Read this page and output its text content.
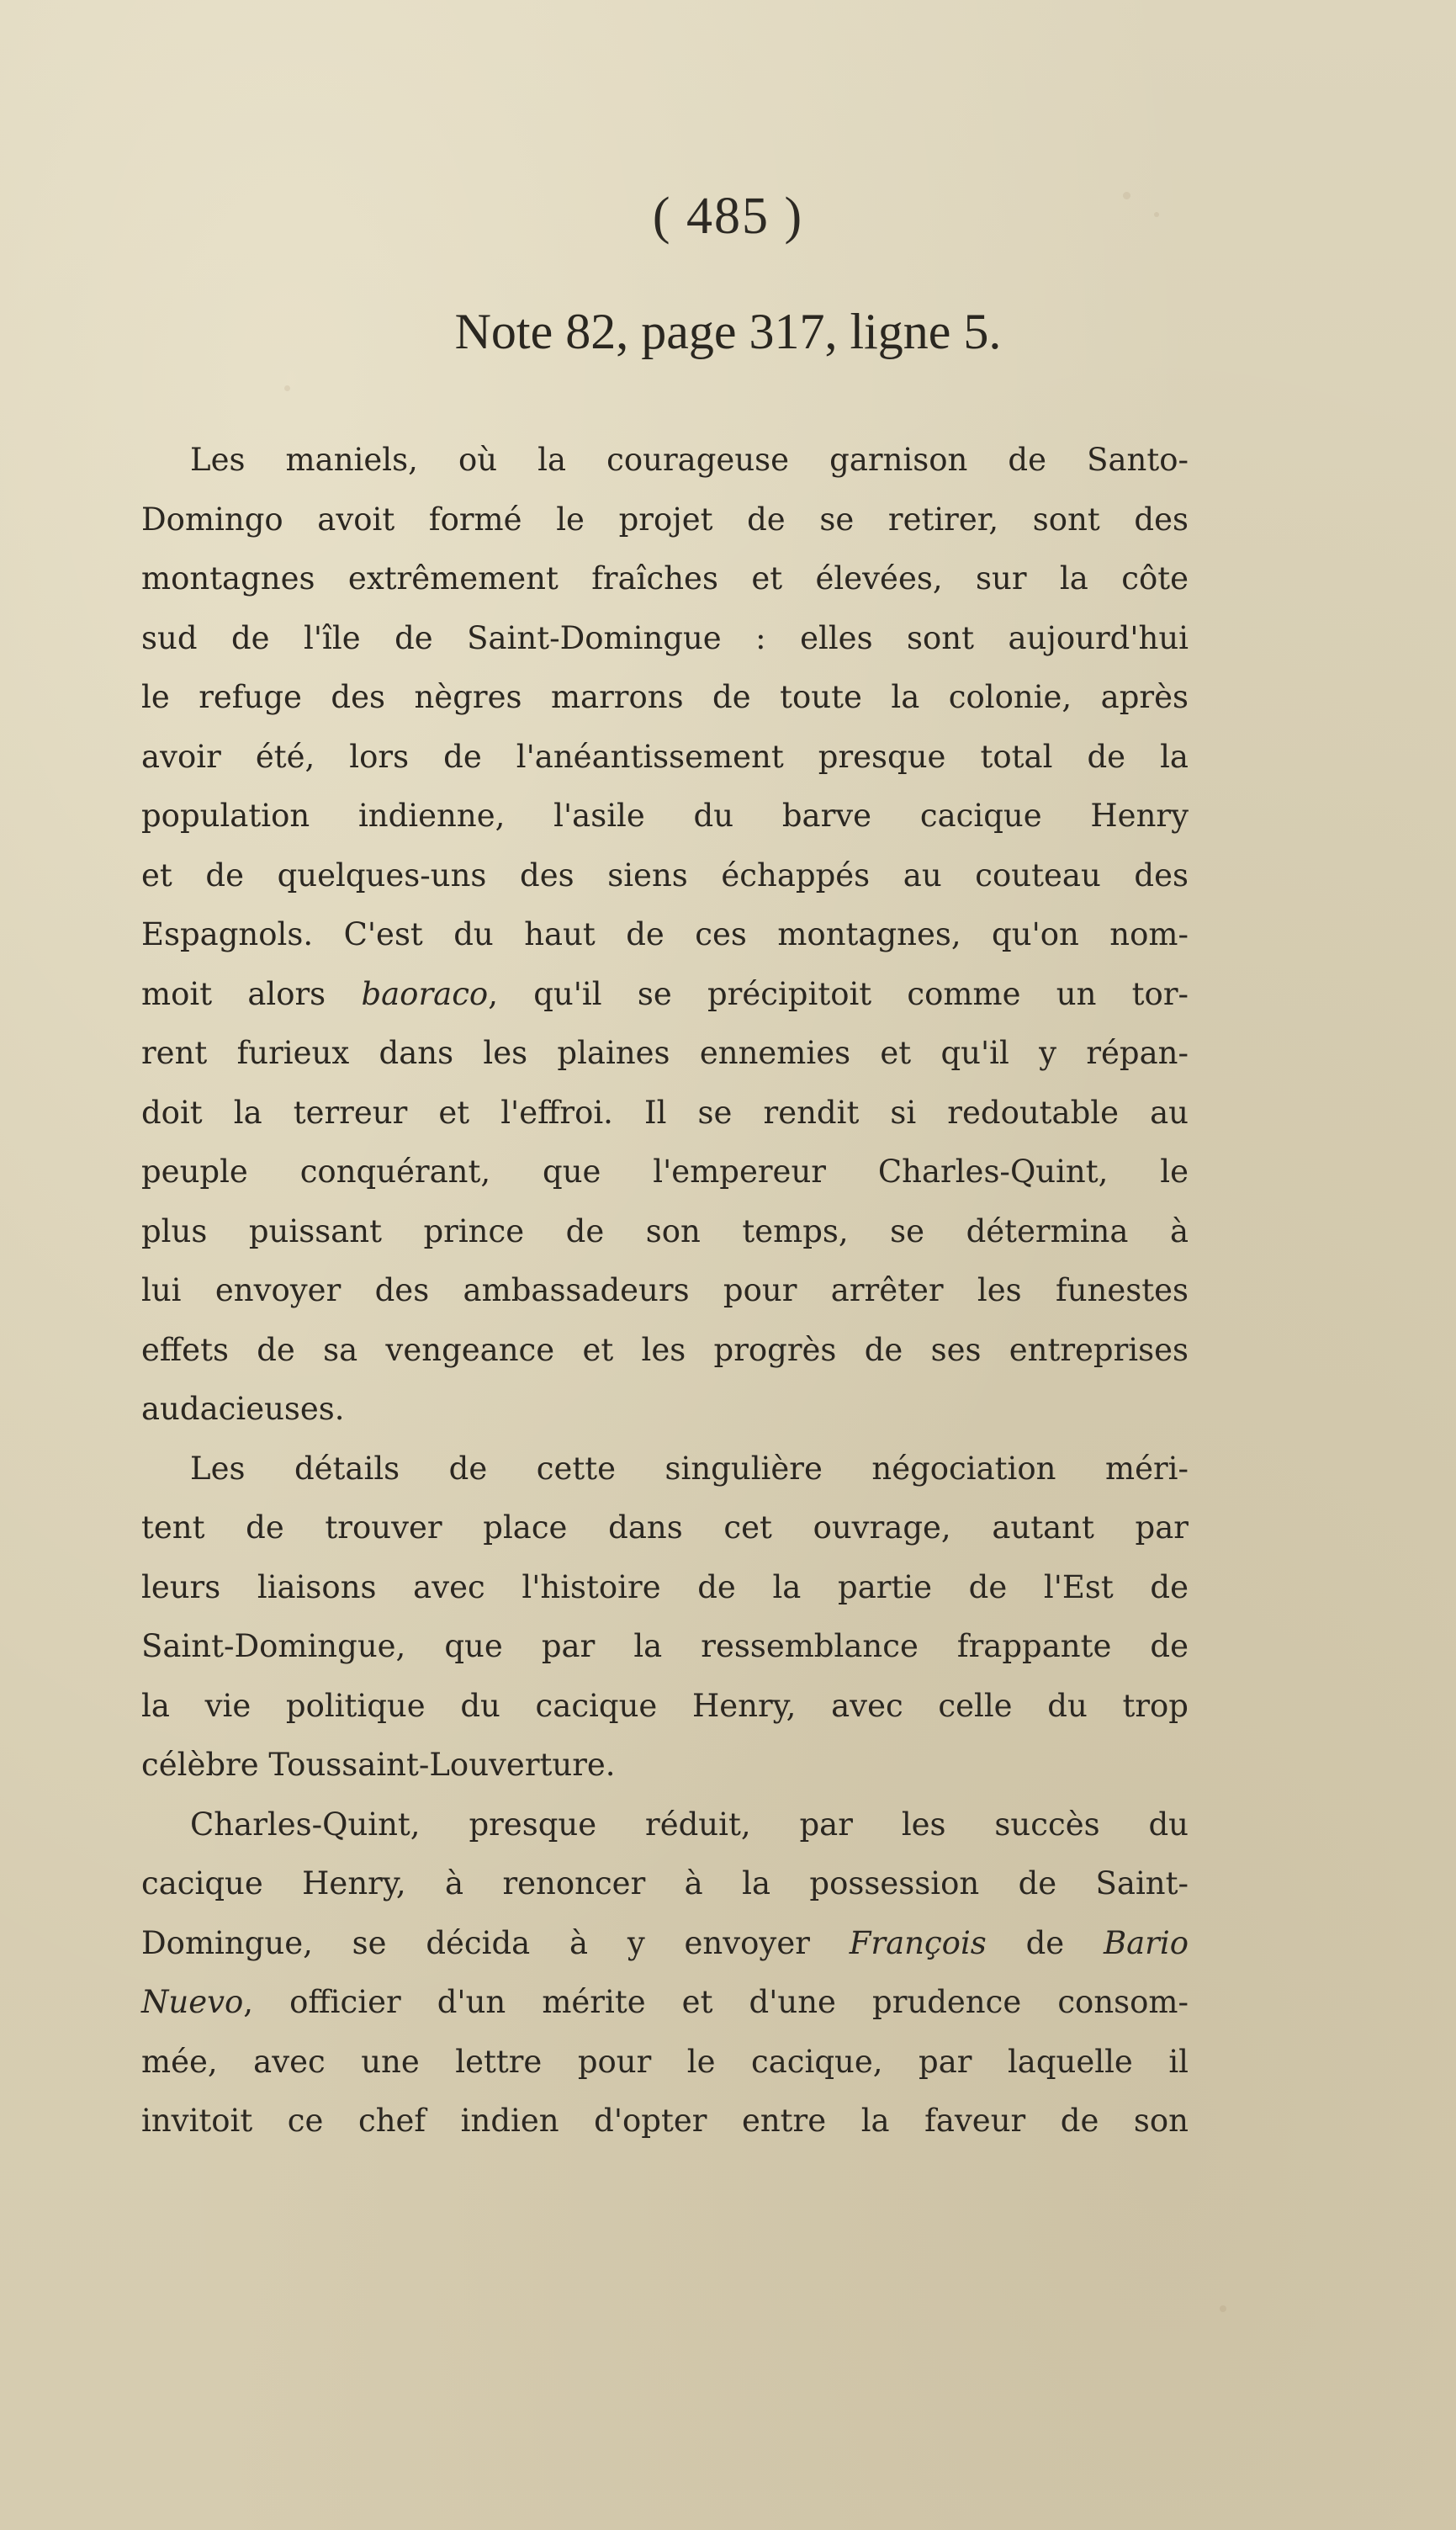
( 485 )
Note 82, page 317, ligne 5.
Les maniels, où la courageuse garnison de Santo-
Domingo avoit formé le projet de se retirer, sont des
montagnes extrêmement fraîches et élevées, sur la côte
sud de l'île de Saint-Domingue : elles sont aujourd'hui
le refuge des nègres marrons de toute la colonie, après
avoir été, lors de l'anéantissement presque total de la
population indienne, l'asile du barve cacique Henry
et de quelques-uns des siens échappés au couteau des
Espagnols. C'est du haut de ces montagnes, qu'on nom-
moit alors baoraco, qu'il se précipitoit comme un tor-
rent furieux dans les plaines ennemies et qu'il y répan-
doit la terreur et l'effroi. Il se rendit si redoutable au
peuple conquérant, que l'empereur Charles-Quint, le
plus puissant prince de son temps, se détermina à
lui envoyer des ambassadeurs pour arrêter les funestes
effets de sa vengeance et les progrès de ses entreprises
audacieuses.
Les détails de cette singulière négociation méri-
tent de trouver place dans cet ouvrage, autant par
leurs liaisons avec l'histoire de la partie de l'Est de
Saint-Domingue, que par la ressemblance frappante de
la vie politique du cacique Henry, avec celle du trop
célèbre Toussaint-Louverture.
Charles-Quint, presque réduit, par les succès du
cacique Henry, à renoncer à la possession de Saint-
Domingue, se décida à y envoyer François de Bario
Nuevo, officier d'un mérite et d'une prudence consom-
mée, avec une lettre pour le cacique, par laquelle il
invitoit ce chef indien d'opter entre la faveur de son
